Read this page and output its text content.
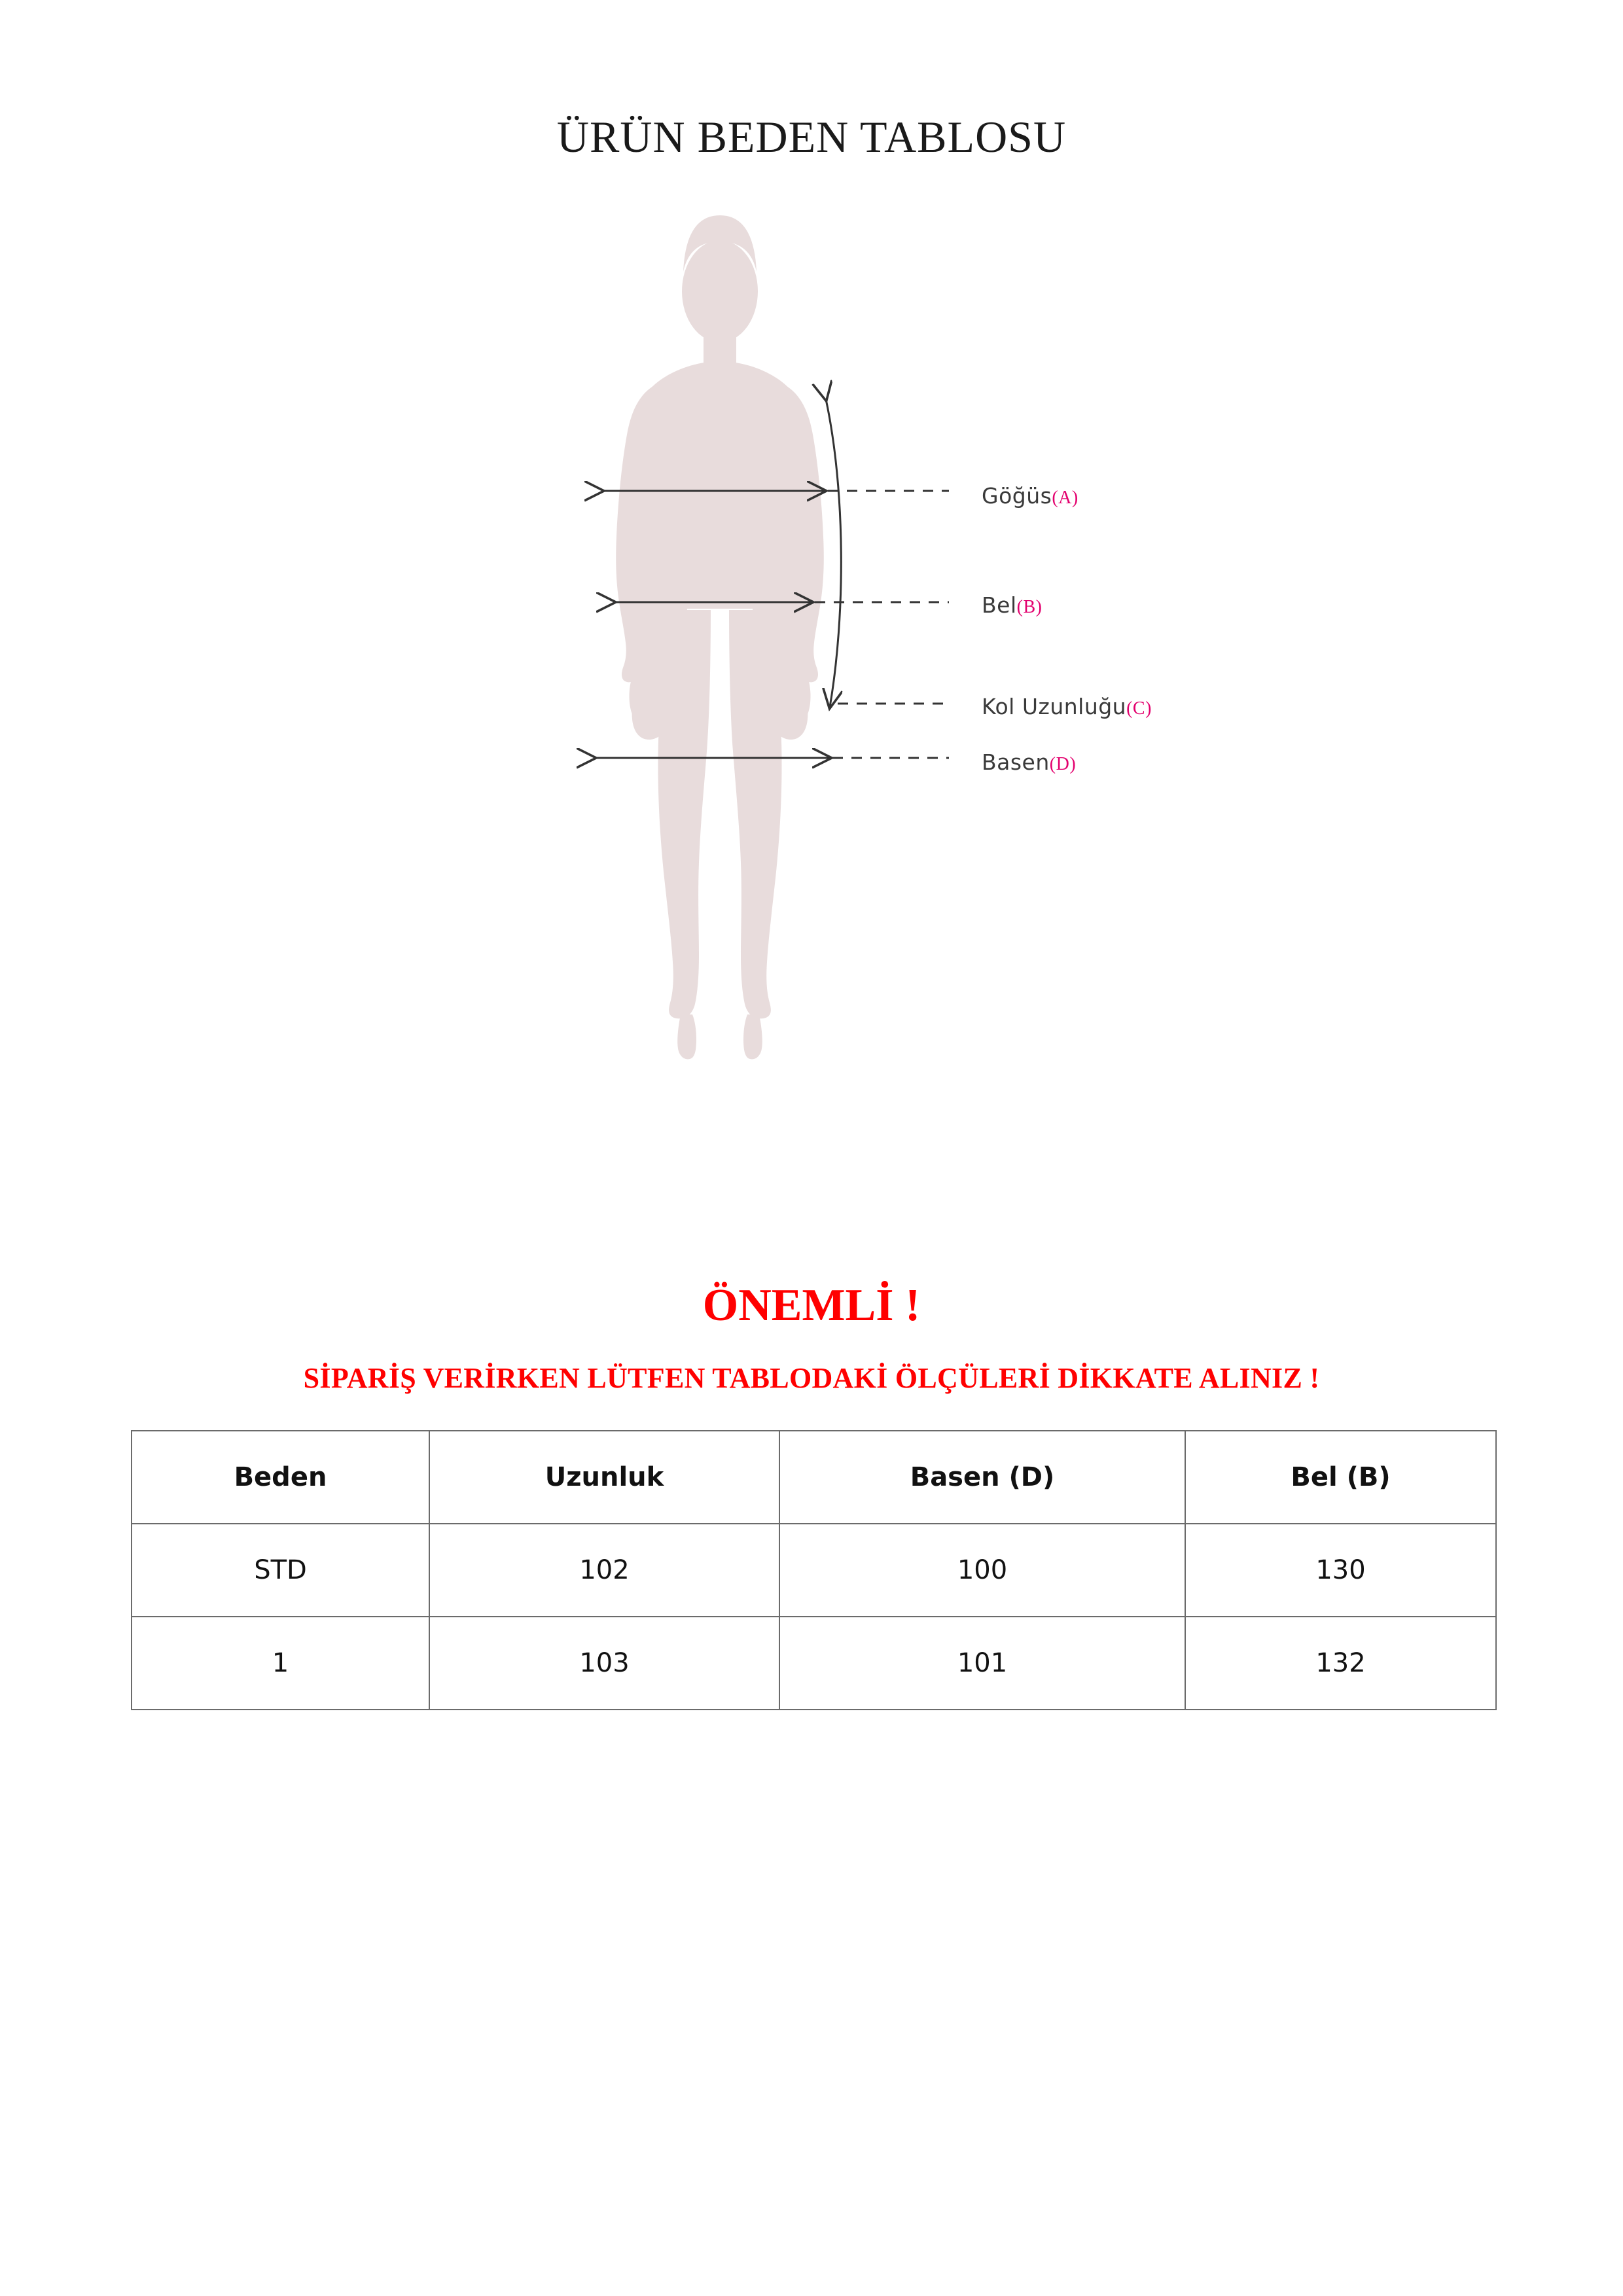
ÜRÜN BEDEN TABLOSU
Göğüs(A)
Bel(B)
Kol Uzunluğu(C)
Basen(D)
ÖNEMLİ !
SİPARİŞ VERİRKEN LÜTFEN TABLODAKİ ÖLÇÜLERİ DİKKATE ALINIZ !
Beden	Uzunluk	Basen (D)	Bel (B)
STD	102	100	130
1	103	101	132
